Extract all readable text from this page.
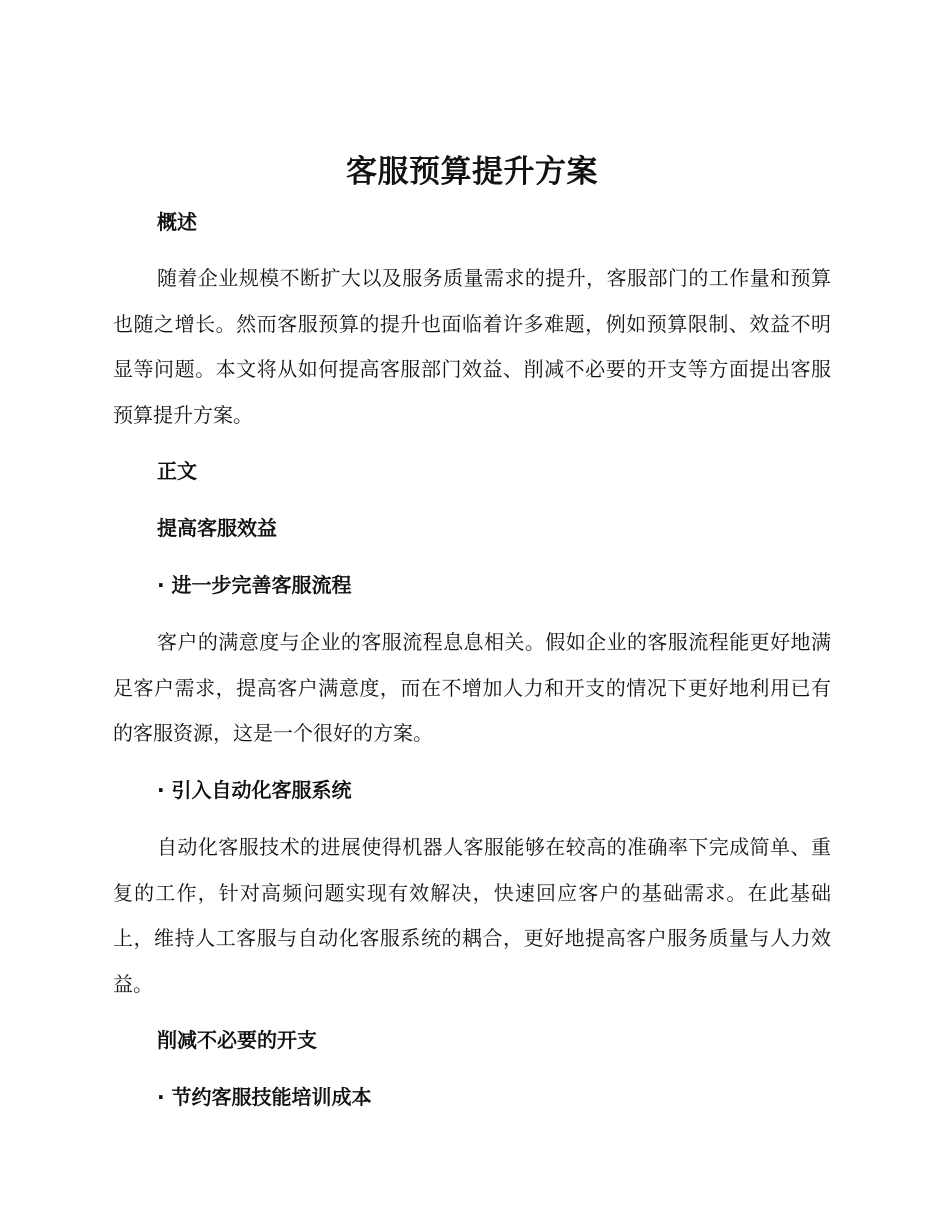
客服预算提升方案
概述

随着企业规模不断扩大以及服务质量需求的提升，客服部门的工作量和预算也随之增长。然而客服预算的提升也面临着许多难题，例如预算限制、效益不明显等问题。本文将从如何提高客服部门效益、削减不必要的开支等方面提出客服预算提升方案。

正文
提高客服效益
· 进一步完善客服流程

客户的满意度与企业的客服流程息息相关。假如企业的客服流程能更好地满足客户需求，提高客户满意度，而在不增加人力和开支的情况下更好地利用已有的客服资源，这是一个很好的方案。

· 引入自动化客服系统

自动化客服技术的进展使得机器人客服能够在较高的准确率下完成简单、重复的工作，针对高频问题实现有效解决，快速回应客户的基础需求。在此基础上，维持人工客服与自动化客服系统的耦合，更好地提高客户服务质量与人力效益。

削减不必要的开支
· 节约客服技能培训成本
